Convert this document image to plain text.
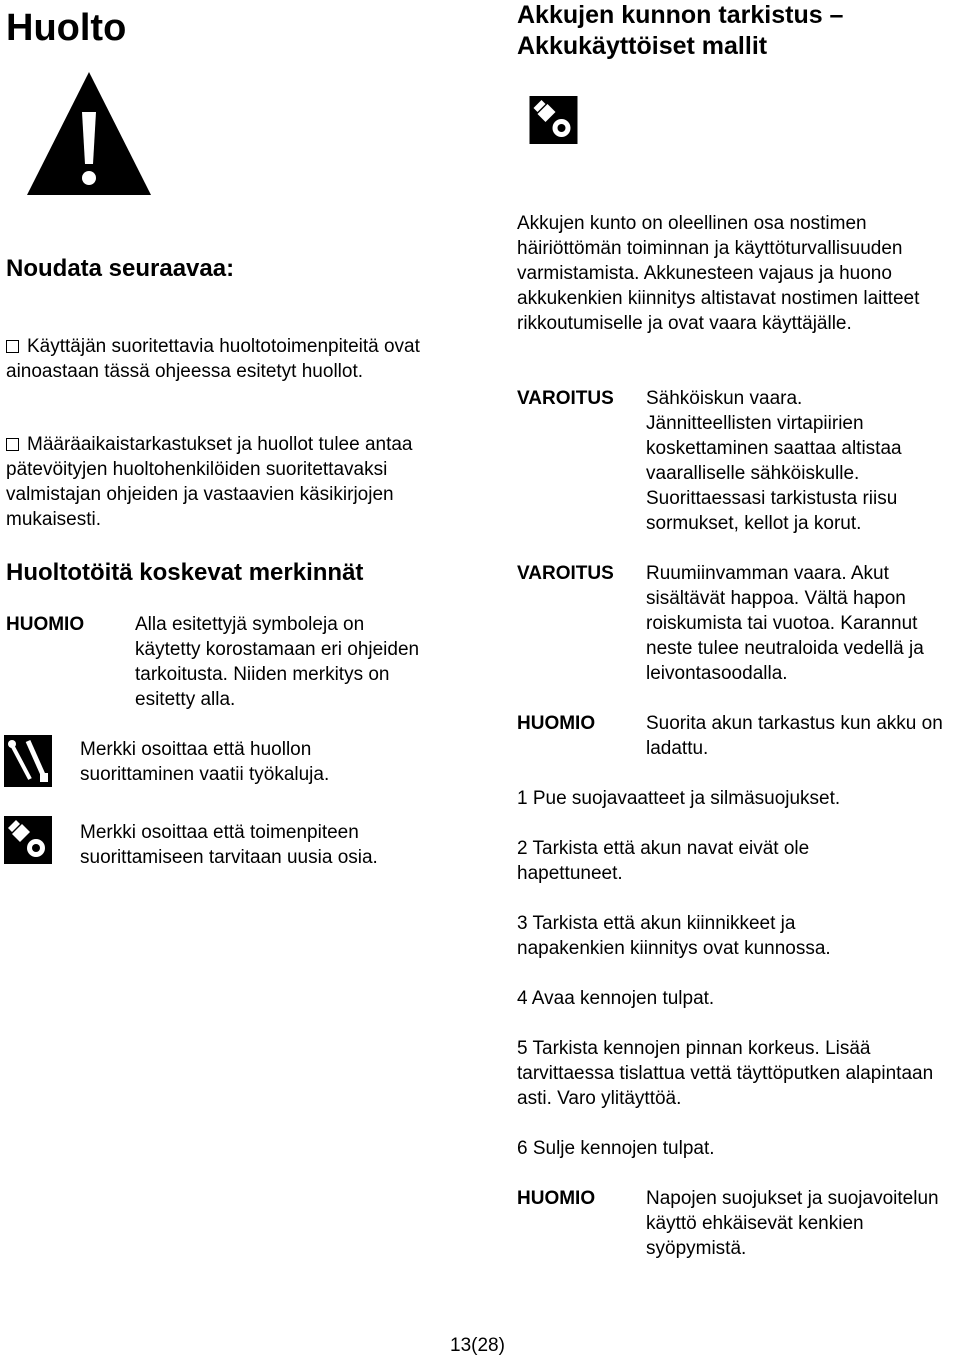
Huolto
Noudata seuraavaa:
Käyttäjän suoritettavia huoltotoimenpiteitä ovat ainoastaan tässä ohjeessa esitetyt huollot.
Määräaikaistarkastukset ja huollot tulee antaa pätevöityjen huoltohenkilöiden suoritettavaksi valmistajan ohjeiden ja vastaavien käsikirjojen mukaisesti.
Huoltotöitä koskevat merkinnät
HUOMIO	Alla esitettyjä symboleja on käytetty korostamaan eri ohjeiden tarkoitusta. Niiden merkitys on esitetty alla.
Merkki osoittaa että huollon suorittaminen vaatii työkaluja.
Merkki osoittaa että toimenpiteen suorittamiseen tarvitaan uusia osia.
Akkujen kunnon tarkistus –
Akkukäyttöiset mallit
Akkujen kunto on oleellinen osa nostimen häiriöttömän toiminnan ja käyttöturvallisuuden varmistamista. Akkunesteen vajaus ja huono akkukenkien kiinnitys altistavat nostimen laitteet rikkoutumiselle ja ovat vaara käyttäjälle.
VAROITUS Sähköiskun vaara. Jännitteellisten virtapiirien koskettaminen saattaa altistaa vaaralliselle sähköiskulle. Suorittaessasi tarkistusta riisu sormukset, kellot ja korut.
VAROITUS Ruumiinvamman vaara. Akut sisältävät happoa. Vältä hapon roiskumista tai vuotoa. Karannut neste tulee neutraloida vedellä ja leivontasoodalla.
HUOMIO	Suorita akun tarkastus kun akku on ladattu.
1 Pue suojavaatteet ja silmäsuojukset.
2 Tarkista että akun navat eivät ole hapettuneet.
3 Tarkista että akun kiinnikkeet ja napakenkien kiinnitys ovat kunnossa.
4 Avaa kennojen tulpat.
5 Tarkista kennojen pinnan korkeus. Lisää tarvittaessa tislattua vettä täyttöputken alapintaan asti. Varo ylitäyttöä.
6 Sulje kennojen tulpat.
HUOMIO	Napojen suojukset ja suojavoitelun käyttö ehkäisevät kenkien syöpymistä.
13(28)
